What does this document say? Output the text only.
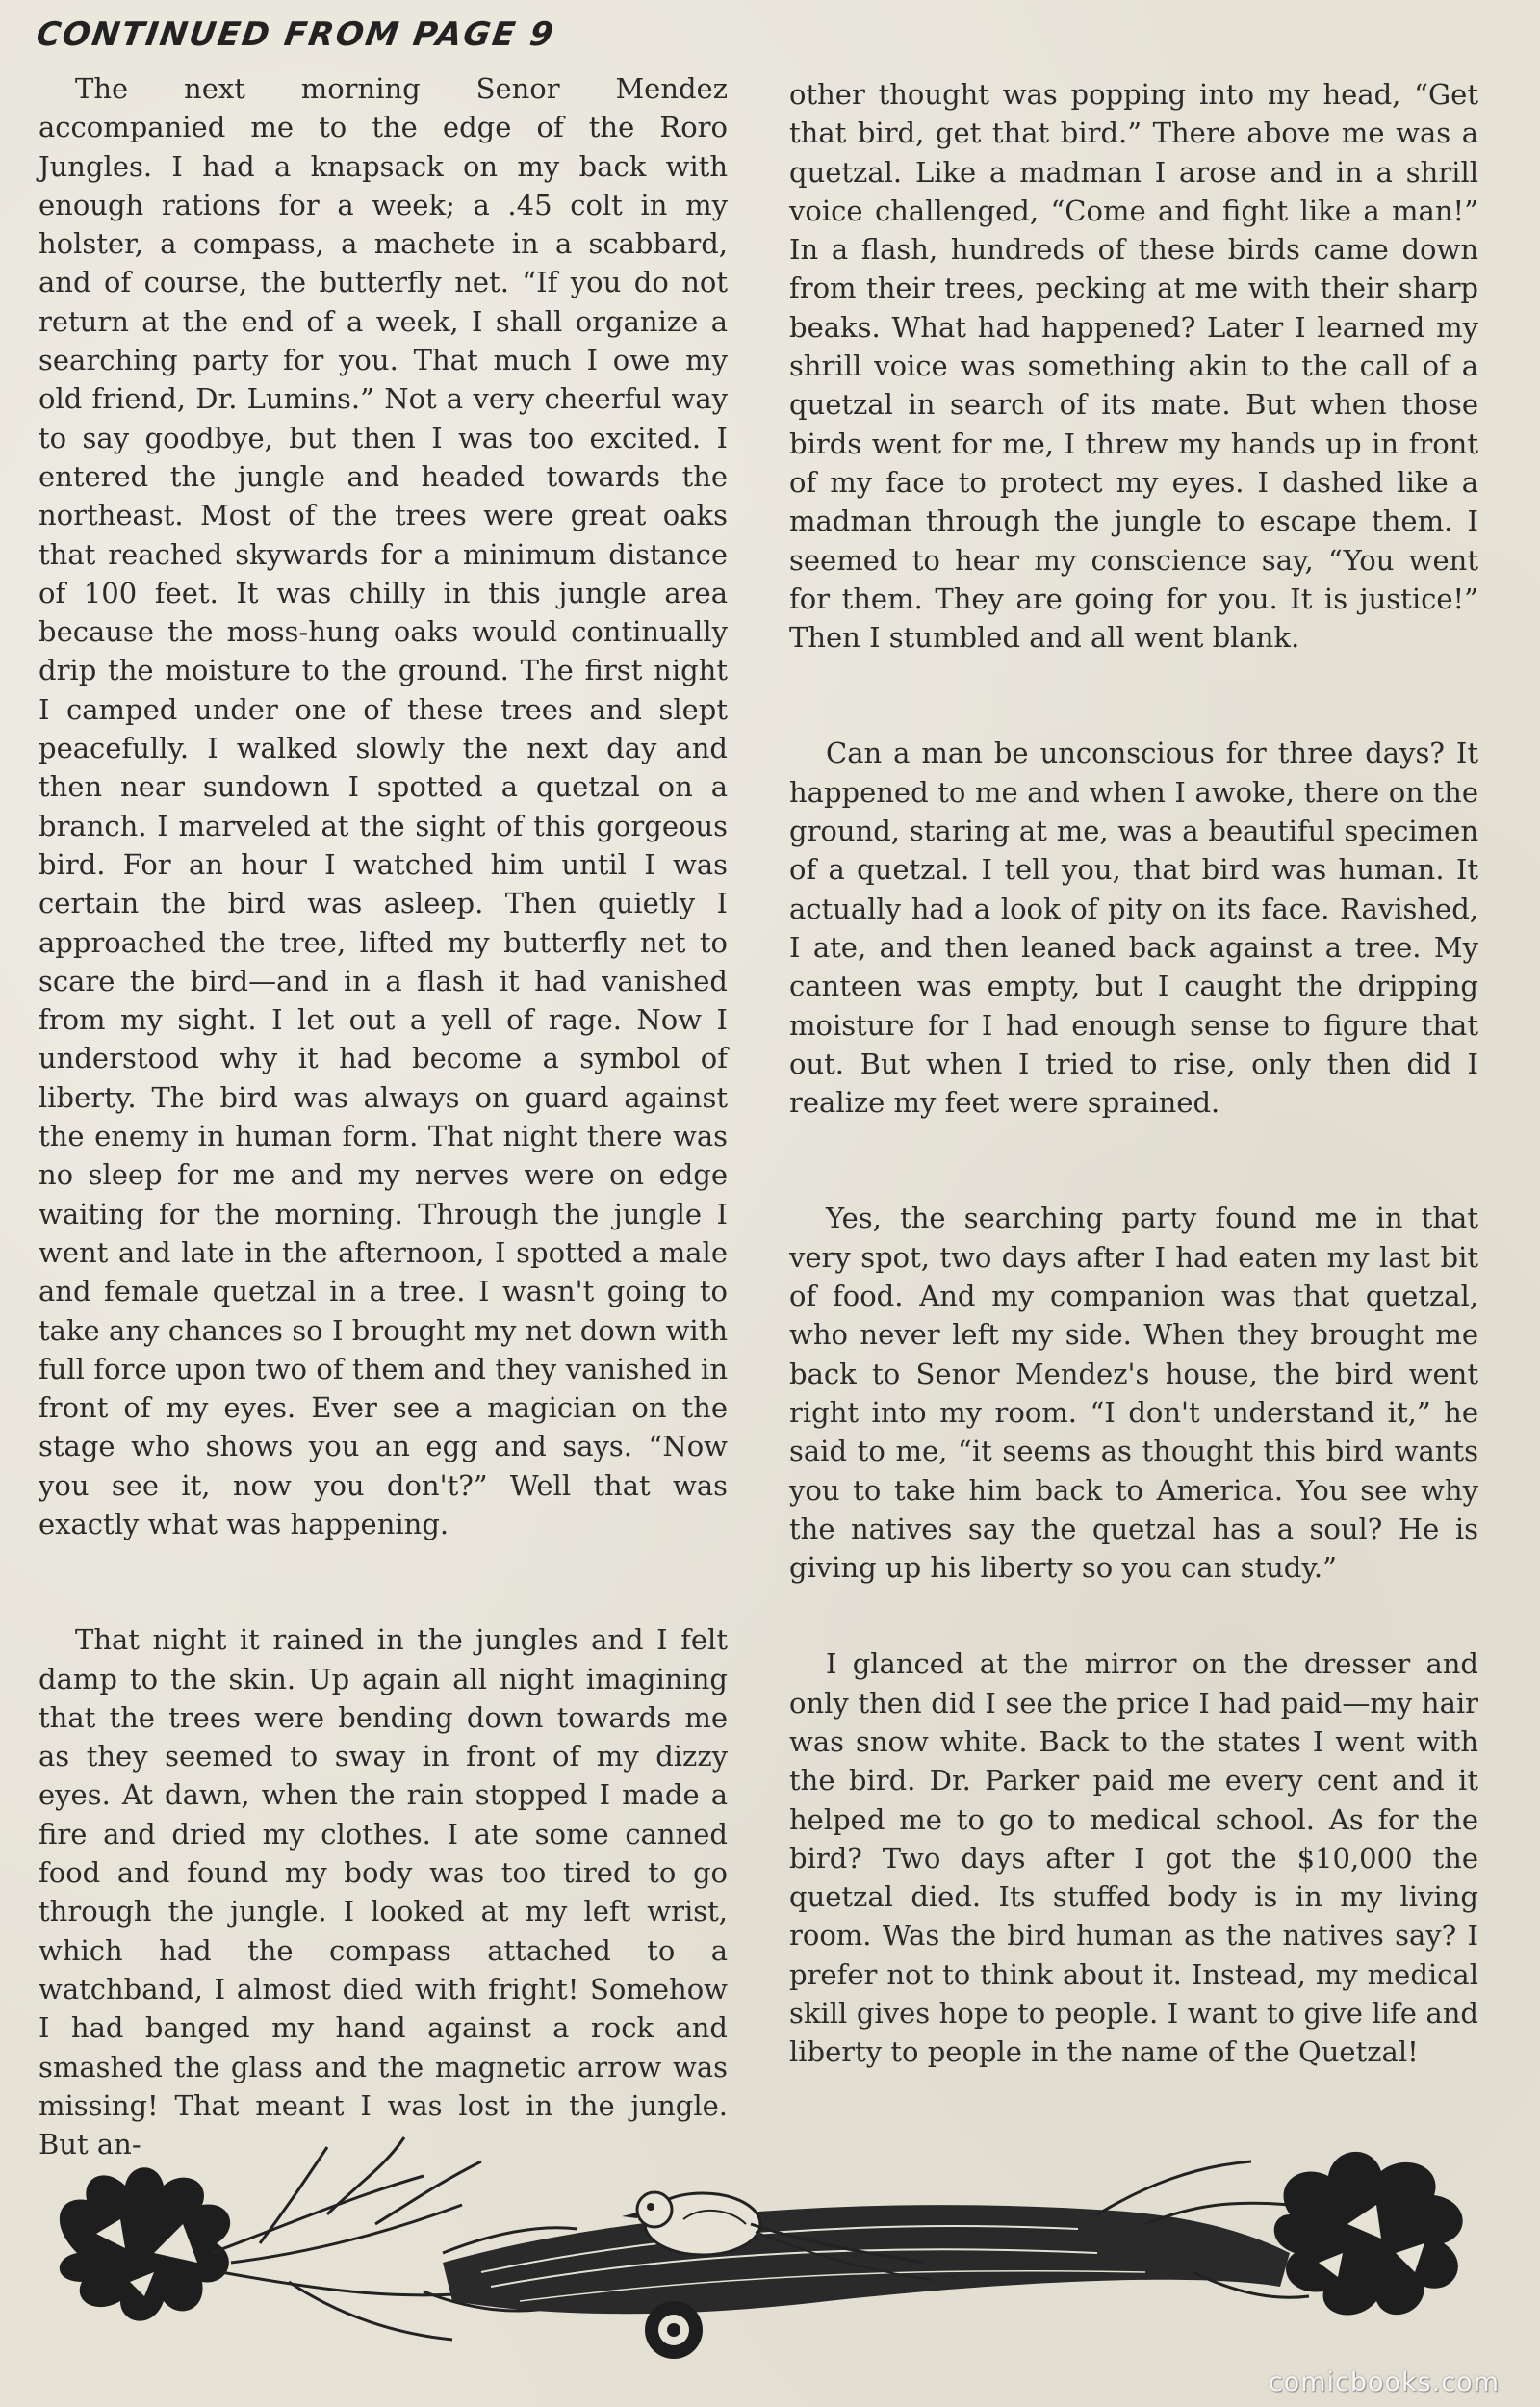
CONTINUED FROM PAGE 9

The next morning Senor Mendez accompanied me to the edge of the Roro Jungles. I had a knapsack on my back with enough rations for a week; a .45 colt in my holster, a compass, a machete in a scabbard, and of course, the butterfly net. “If you do not return at the end of a week, I shall organize a searching party for you. That much I owe my old friend, Dr. Lumins.” Not a very cheerful way to say goodbye, but then I was too excited. I entered the jungle and headed towards the northeast. Most of the trees were great oaks that reached skywards for a minimum distance of 100 feet. It was chilly in this jungle area because the moss-hung oaks would continually drip the moisture to the ground. The first night I camped under one of these trees and slept peacefully. I walked slowly the next day and then near sundown I spotted a quetzal on a branch. I marveled at the sight of this gorgeous bird. For an hour I watched him until I was certain the bird was asleep. Then quietly I approached the tree, lifted my butterfly net to scare the bird—and in a flash it had vanished from my sight. I let out a yell of rage. Now I understood why it had become a symbol of liberty. The bird was always on guard against the enemy in human form. That night there was no sleep for me and my nerves were on edge waiting for the morning. Through the jungle I went and late in the afternoon, I spotted a male and female quetzal in a tree. I wasn't going to take any chances so I brought my net down with full force upon two of them and they vanished in front of my eyes. Ever see a magician on the stage who shows you an egg and says. “Now you see it, now you don't?” Well that was exactly what was happening.

That night it rained in the jungles and I felt damp to the skin. Up again all night imagining that the trees were bending down towards me as they seemed to sway in front of my dizzy eyes. At dawn, when the rain stopped I made a fire and dried my clothes. I ate some canned food and found my body was too tired to go through the jungle. I looked at my left wrist, which had the compass attached to a watchband, I almost died with fright! Somehow I had banged my hand against a rock and smashed the glass and the magnetic arrow was missing! That meant I was lost in the jungle. But an-

other thought was popping into my head, “Get that bird, get that bird.” There above me was a quetzal. Like a madman I arose and in a shrill voice challenged, “Come and fight like a man!” In a flash, hundreds of these birds came down from their trees, pecking at me with their sharp beaks. What had happened? Later I learned my shrill voice was something akin to the call of a quetzal in search of its mate. But when those birds went for me, I threw my hands up in front of my face to protect my eyes. I dashed like a madman through the jungle to escape them. I seemed to hear my conscience say, “You went for them. They are going for you. It is justice!” Then I stumbled and all went blank.

Can a man be unconscious for three days? It happened to me and when I awoke, there on the ground, staring at me, was a beautiful specimen of a quetzal. I tell you, that bird was human. It actually had a look of pity on its face. Ravished, I ate, and then leaned back against a tree. My canteen was empty, but I caught the dripping moisture for I had enough sense to figure that out. But when I tried to rise, only then did I realize my feet were sprained.

Yes, the searching party found me in that very spot, two days after I had eaten my last bit of food. And my companion was that quetzal, who never left my side. When they brought me back to Senor Mendez's house, the bird went right into my room. “I don't understand it,” he said to me, “it seems as thought this bird wants you to take him back to America. You see why the natives say the quetzal has a soul? He is giving up his liberty so you can study.”

I glanced at the mirror on the dresser and only then did I see the price I had paid—my hair was snow white. Back to the states I went with the bird. Dr. Parker paid me every cent and it helped me to go to medical school. As for the bird? Two days after I got the $10,000 the quetzal died. Its stuffed body is in my living room. Was the bird human as the natives say? I prefer not to think about it. Instead, my medical skill gives hope to people. I want to give life and liberty to people in the name of the Quetzal!

comicbooks.com
